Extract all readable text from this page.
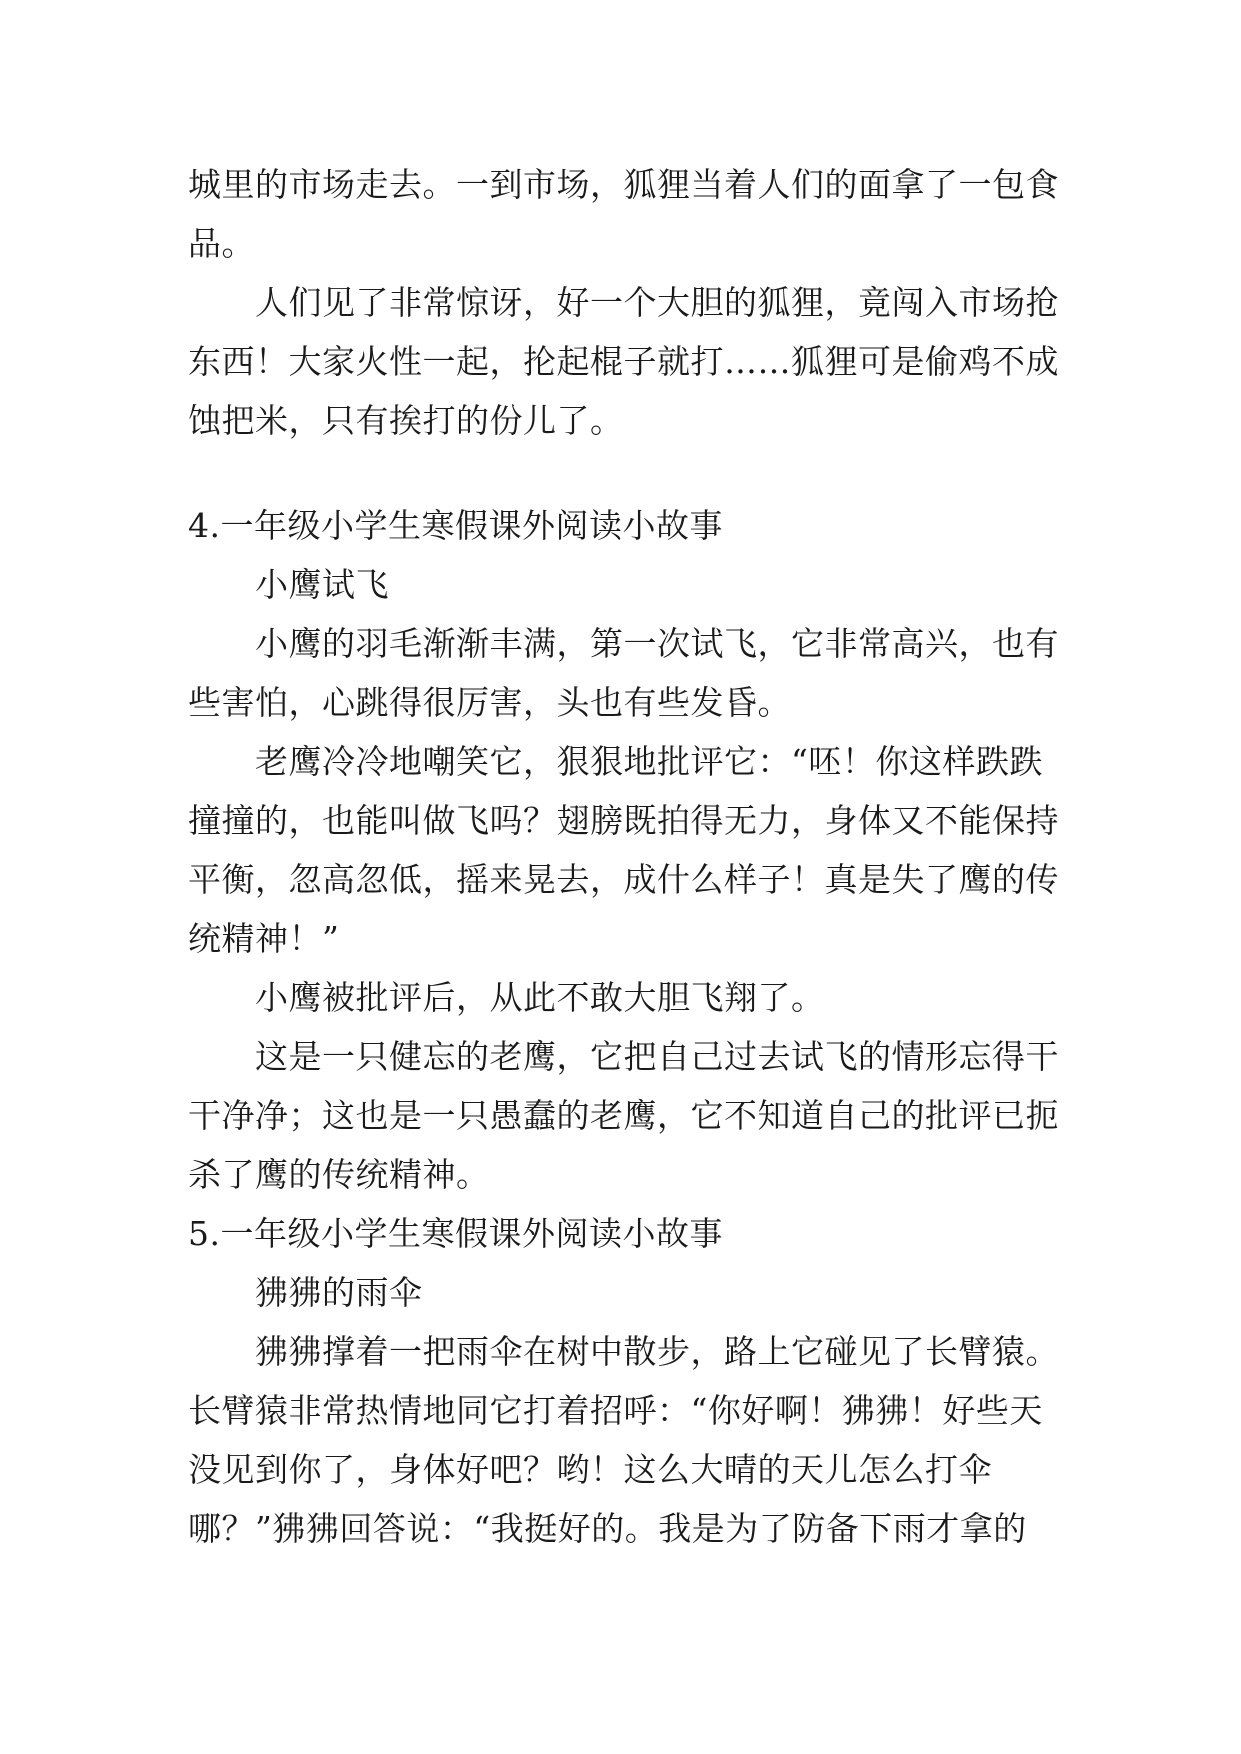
城里的市场走去。一到市场，狐狸当着人们的面拿了一包食
品。
人们见了非常惊讶，好一个大胆的狐狸，竟闯入市场抢
东西！大家火性一起，抡起棍子就打……狐狸可是偷鸡不成
蚀把米，只有挨打的份儿了。
4.一年级小学生寒假课外阅读小故事
小鹰试飞
小鹰的羽毛渐渐丰满，第一次试飞，它非常高兴，也有
些害怕，心跳得很厉害，头也有些发昏。
老鹰冷冷地嘲笑它，狠狠地批评它：“呸！你这样跌跌
撞撞的，也能叫做飞吗？翅膀既拍得无力，身体又不能保持
平衡，忽高忽低，摇来晃去，成什么样子！真是失了鹰的传
统精神！”
小鹰被批评后，从此不敢大胆飞翔了。
这是一只健忘的老鹰，它把自己过去试飞的情形忘得干
干净净；这也是一只愚蠢的老鹰，它不知道自己的批评已扼
杀了鹰的传统精神。
5.一年级小学生寒假课外阅读小故事
狒狒的雨伞
狒狒撑着一把雨伞在树中散步，路上它碰见了长臂猿。
长臂猿非常热情地同它打着招呼：“你好啊！狒狒！好些天
没见到你了，身体好吧？哟！这么大晴的天儿怎么打伞
哪？”狒狒回答说：“我挺好的。我是为了防备下雨才拿的
